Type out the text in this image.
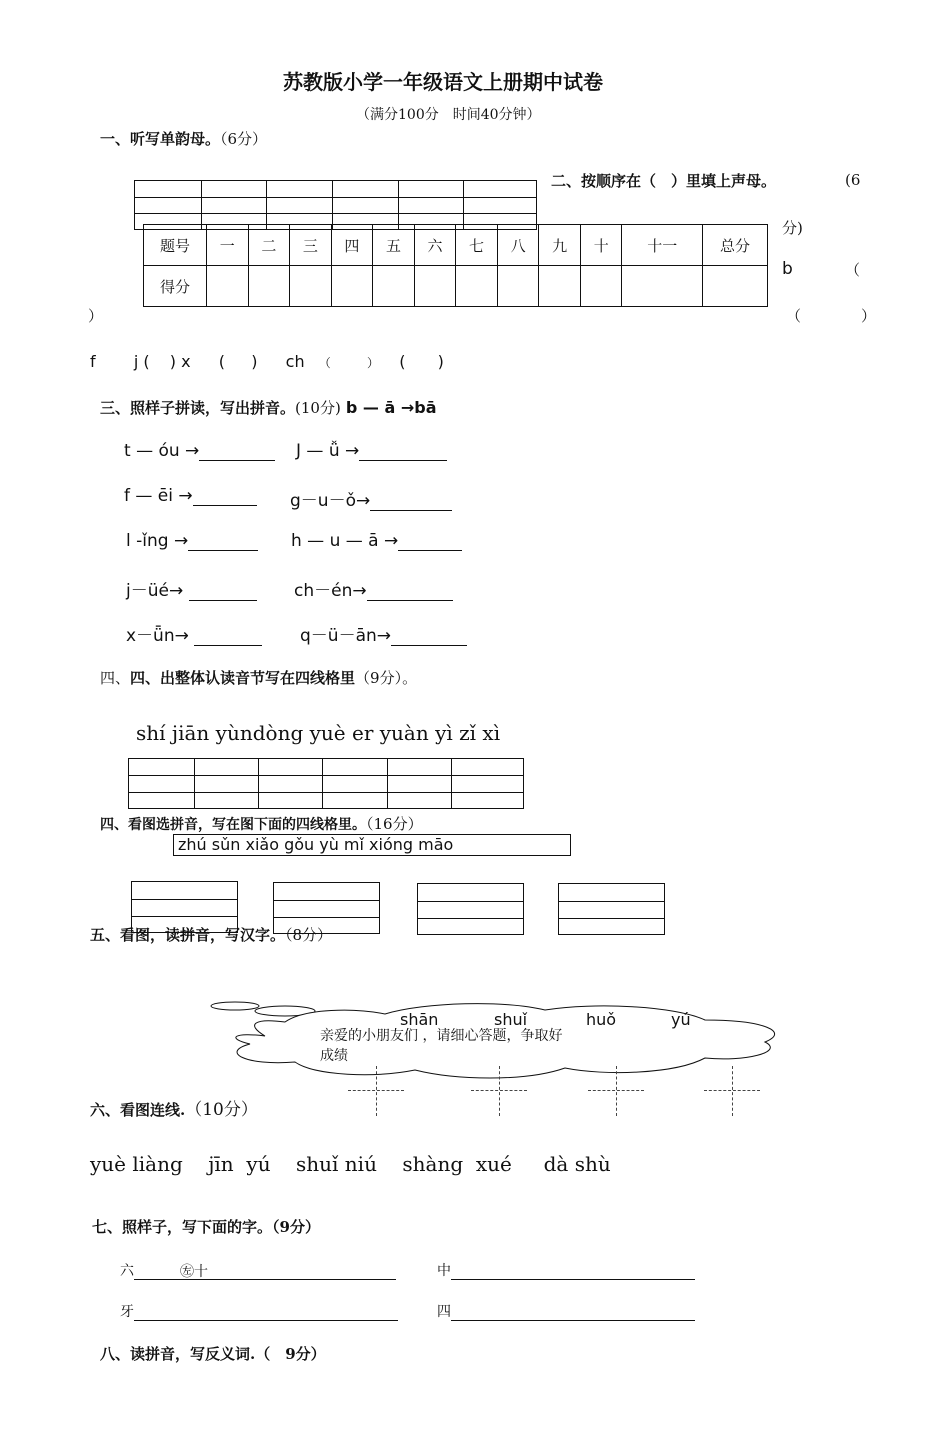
苏教版小学一年级语文上册期中试卷
（满分100分　时间40分钟）
一、听写单韵母。（6分）
题号	一	二	三	四	五	六	七	八	九	十	十一	总分
得分												
二、按顺序在（　）里填上声母。	(6
分)
b	（
）	（　　　　）
f j ( ) x ( ) ch （	） ( )
三、照样子拼读，写出拼音。(10分) b — ā →bā
t — óu →	J — ǚ →
f — ēi →	g－u－ǒ→
l -ǐng →	h — u — ā →
j－üé→	ch－én→
x－ǖn→	q－ü－ān→
四、四、出整体认读音节写在四线格里（9分）。
shí jiān yùndòng yuè er yuàn yì zǐ xì
四、看图选拼音，写在图下面的四线格里。（16分）
zhú sǔn xiǎo gǒu yù mǐ xióng māo
五、看图，读拼音，写汉字。（8分）
亲爱的小朋友们 ，请细心答题，争取好
成绩
shān	shuǐ	huǒ	yú
六、看图连线.（10分）
yuè liàng    jīn  yú    shuǐ niú    shàng  xué     dà shù
七、照样子，写下面的字。（9分）
六	㊧十	中
牙	四
八、读拼音，写反义词.（　9分）
